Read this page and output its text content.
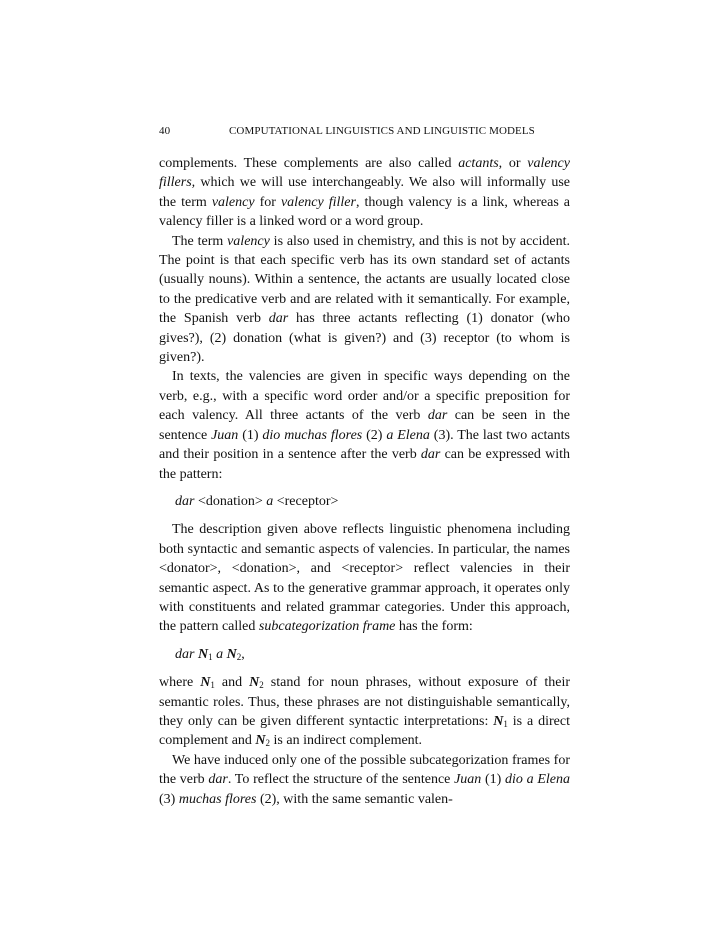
40	COMPUTATIONAL LINGUISTICS AND LINGUISTIC MODELS

complements. These complements are also called actants, or valency fillers, which we will use interchangeably. We also will informally use the term valency for valency filler, though valency is a link, whereas a valency filler is a linked word or a word group.

The term valency is also used in chemistry, and this is not by accident. The point is that each specific verb has its own standard set of actants (usually nouns). Within a sentence, the actants are usually located close to the predicative verb and are related with it semantically. For example, the Spanish verb dar has three actants reflecting (1) donator (who gives?), (2) donation (what is given?) and (3) receptor (to whom is given?).

In texts, the valencies are given in specific ways depending on the verb, e.g., with a specific word order and/or a specific preposition for each valency. All three actants of the verb dar can be seen in the sentence Juan (1) dio muchas flores (2) a Elena (3). The last two actants and their position in a sentence after the verb dar can be expressed with the pattern:

dar <donation> a <receptor>

The description given above reflects linguistic phenomena including both syntactic and semantic aspects of valencies. In particular, the names <donator>, <donation>, and <receptor> reflect valencies in their semantic aspect. As to the generative grammar approach, it operates only with constituents and related grammar categories. Under this approach, the pattern called subcategorization frame has the form:

dar $N_1$ a $N_2$,

where $N_1$ and $N_2$ stand for noun phrases, without exposure of their semantic roles. Thus, these phrases are not distinguishable semantically, they only can be given different syntactic interpretations: $N_1$ is a direct complement and $N_2$ is an indirect complement.

We have induced only one of the possible subcategorization frames for the verb dar. To reflect the structure of the sentence Juan (1) dio a Elena (3) muchas flores (2), with the same semantic valen-
